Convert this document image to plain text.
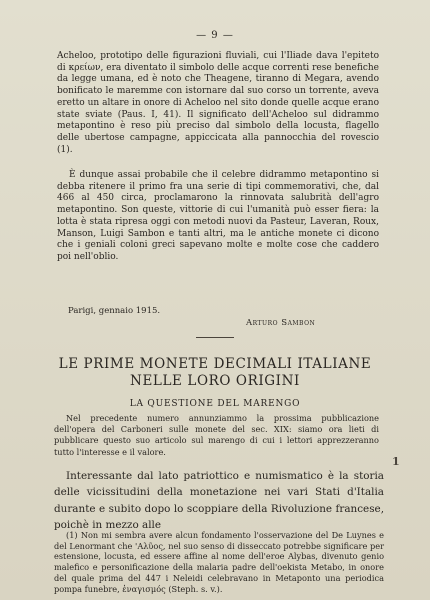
— 9 —
Acheloo, prototipo delle figurazioni fluviali, cui l'Iliade dava l'epiteto di κρείων, era diventato il simbolo delle acque correnti rese benefiche da legge umana, ed è noto che Theagene, tiranno di Megara, avendo bonificato le maremme con istornare dal suo corso un torrente, aveva eretto un altare in onore di Acheloo nel sito donde quelle acque erano state sviate (Paus. I, 41). Il significato dell'Acheloo sul didrammo metapontino è reso più preciso dal simbolo della locusta, flagello delle ubertose campagne, appiccicata alla pannocchia del rovescio (1).
È dunque assai probabile che il celebre didrammo metapontino si debba ritenere il primo fra una serie di tipi commemorativi, che, dal 466 al 450 circa, proclamarono la rinnovata salubrità dell'agro metapontino. Son queste, vittorie di cui l'umanità può esser fiera: la lotta è stata ripresa oggi con metodi nuovi da Pasteur, Laveran, Roux, Manson, Luigi Sambon e tanti altri, ma le antiche monete ci dicono che i geniali coloni greci sapevano molte e molte cose che caddero poi nell'oblio.
Parigi, gennaio 1915.
Arturo Sambon
LE PRIME MONETE DECIMALI ITALIANE
NELLE LORO ORIGINI
LA QUESTIONE DEL MARENGO
Nel precedente numero annunziammo la prossima pubblicazione dell'opera del Carboneri sulle monete del sec. XIX: siamo ora lieti di pubblicare questo suo articolo sul marengo di cui i lettori apprezzeranno tutto l'interesse e il valore.
Interessante dal lato patriottico e numismatico è la storia delle vicissitudini della monetazione nei vari Stati d'Italia durante e subito dopo lo scoppiare della Rivoluzione francese, poichè in mezzo alle
(1) Non mi sembra avere alcun fondamento l'osservazione del De Luynes e del Lenormant che 'Αλῦος, nel suo senso di disseccato potrebbe significare per estensione, locusta, ed essere affine al nome dell'eroe Alybas, divenuto genio malefico e personificazione della malaria padre dell'oekista Metabo, in onore del quale prima del 447 i Neleidi celebravano in Metaponto una periodica pompa funebre, ἐναγισμός (Steph. s. v.).
1
